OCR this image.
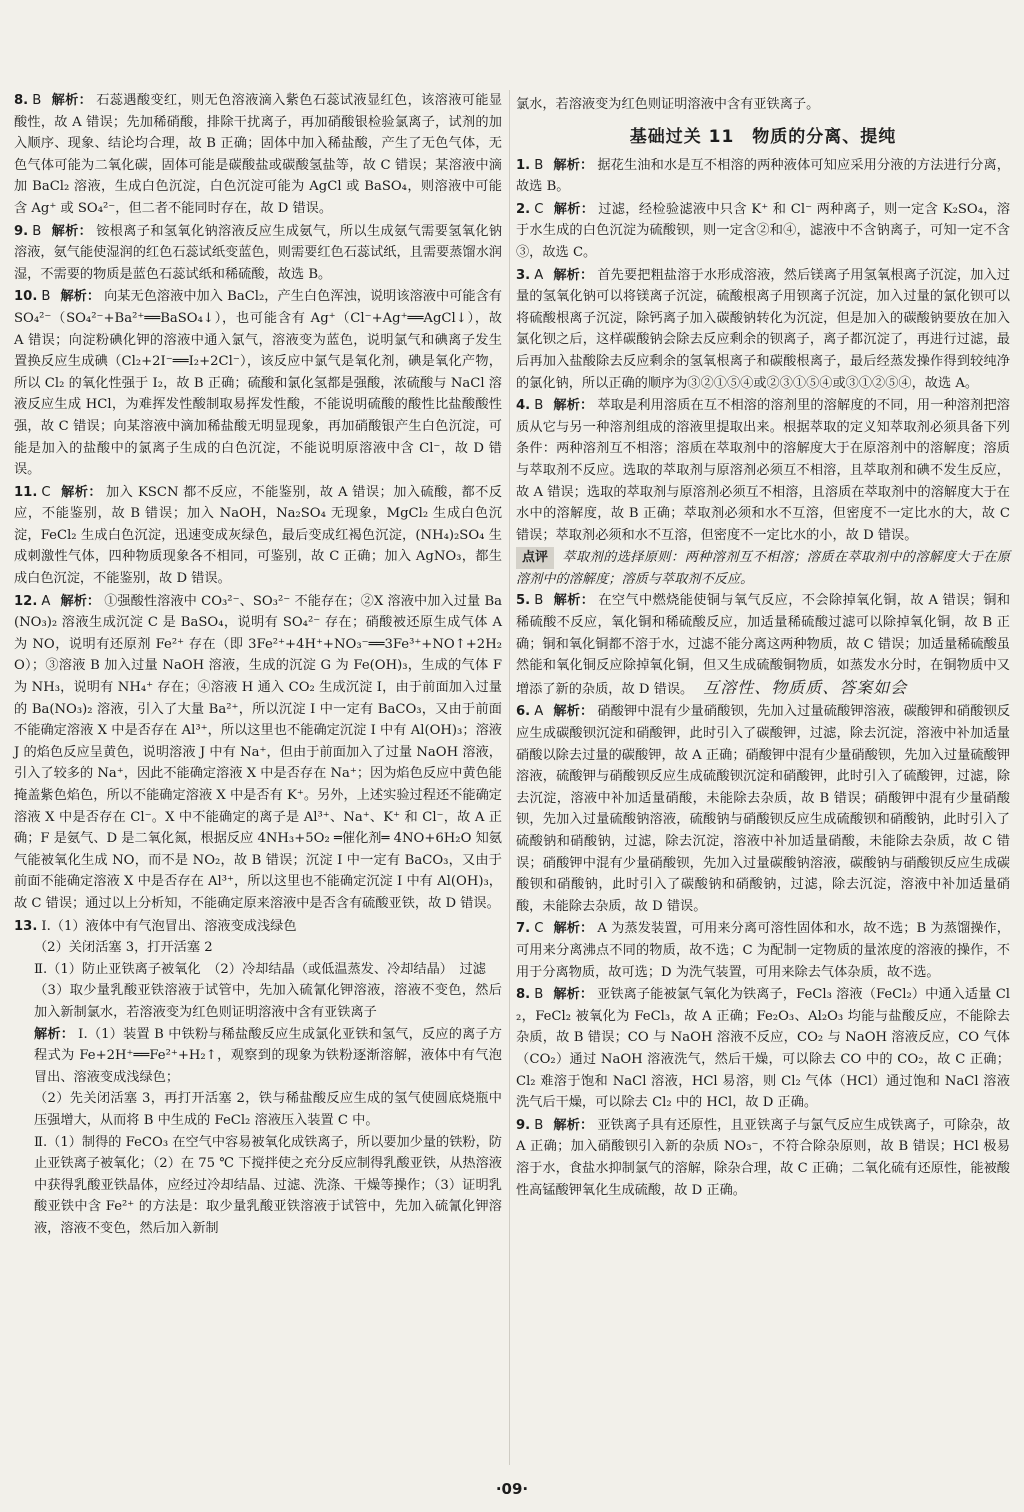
8. B 解析： 石蕊遇酸变红，则无色溶液滴入紫色石蕊试液显红色，该溶液可能显酸性，故 A 错误；先加稀硝酸，排除干扰离子，再加硝酸银检验氯离子，试剂的加入顺序、现象、结论均合理，故 B 正确；固体中加入稀盐酸，产生了无色气体，无色气体可能为二氧化碳，固体可能是碳酸盐或碳酸氢盐等，故 C 错误；某溶液中滴加 BaCl₂ 溶液，生成白色沉淀，白色沉淀可能为 AgCl 或 BaSO₄，则溶液中可能含 Ag⁺ 或 SO₄²⁻，但二者不能同时存在，故 D 错误。

9. B 解析： 铵根离子和氢氧化钠溶液反应生成氨气，所以生成氨气需要氢氧化钠溶液，氨气能使湿润的红色石蕊试纸变蓝色，则需要红色石蕊试纸，且需要蒸馏水润湿，不需要的物质是蓝色石蕊试纸和稀硫酸，故选 B。

10. B 解析： 向某无色溶液中加入 BaCl₂，产生白色浑浊，说明该溶液中可能含有 SO₄²⁻（SO₄²⁻+Ba²⁺══BaSO₄↓），也可能含有 Ag⁺（Cl⁻+Ag⁺══AgCl↓），故 A 错误；向淀粉碘化钾的溶液中通入氯气，溶液变为蓝色，说明氯气和碘离子发生置换反应生成碘（Cl₂+2I⁻══I₂+2Cl⁻），该反应中氯气是氧化剂，碘是氧化产物，所以 Cl₂ 的氧化性强于 I₂，故 B 正确；硫酸和氯化氢都是强酸，浓硫酸与 NaCl 溶液反应生成 HCl，为难挥发性酸制取易挥发性酸，不能说明硫酸的酸性比盐酸酸性强，故 C 错误；向某溶液中滴加稀盐酸无明显现象，再加硝酸银产生白色沉淀，可能是加入的盐酸中的氯离子生成的白色沉淀，不能说明原溶液中含 Cl⁻，故 D 错误。

11. C 解析： 加入 KSCN 都不反应，不能鉴别，故 A 错误；加入硫酸，都不反应，不能鉴别，故 B 错误；加入 NaOH，Na₂SO₄ 无现象，MgCl₂ 生成白色沉淀，FeCl₂ 生成白色沉淀，迅速变成灰绿色，最后变成红褐色沉淀，(NH₄)₂SO₄ 生成刺激性气体，四种物质现象各不相同，可鉴别，故 C 正确；加入 AgNO₃，都生成白色沉淀，不能鉴别，故 D 错误。

12. A 解析： ①强酸性溶液中 CO₃²⁻、SO₃²⁻ 不能存在；②X 溶液中加入过量 Ba(NO₃)₂ 溶液生成沉淀 C 是 BaSO₄，说明有 SO₄²⁻ 存在；硝酸被还原生成气体 A 为 NO，说明有还原剂 Fe²⁺ 存在（即 3Fe²⁺+4H⁺+NO₃⁻══3Fe³⁺+NO↑+2H₂O）；③溶液 B 加入过量 NaOH 溶液，生成的沉淀 G 为 Fe(OH)₃，生成的气体 F 为 NH₃，说明有 NH₄⁺ 存在；④溶液 H 通入 CO₂ 生成沉淀 I，由于前面加入过量的 Ba(NO₃)₂ 溶液，引入了大量 Ba²⁺，所以沉淀 I 中一定有 BaCO₃，又由于前面不能确定溶液 X 中是否存在 Al³⁺，所以这里也不能确定沉淀 I 中有 Al(OH)₃；溶液 J 的焰色反应呈黄色，说明溶液 J 中有 Na⁺，但由于前面加入了过量 NaOH 溶液，引入了较多的 Na⁺，因此不能确定溶液 X 中是否存在 Na⁺；因为焰色反应中黄色能掩盖紫色焰色，所以不能确定溶液 X 中是否有 K⁺。另外，上述实验过程还不能确定溶液 X 中是否存在 Cl⁻。X 中不能确定的离子是 Al³⁺、Na⁺、K⁺ 和 Cl⁻，故 A 正确；F 是氨气、D 是二氧化氮，根据反应 4NH₃+5O₂ ═催化剂═ 4NO+6H₂O 知氨气能被氧化生成 NO，而不是 NO₂，故 B 错误；沉淀 I 中一定有 BaCO₃，又由于前面不能确定溶液 X 中是否存在 Al³⁺，所以这里也不能确定沉淀 I 中有 Al(OH)₃，故 C 错误；通过以上分析知，不能确定原来溶液中是否含有硫酸亚铁，故 D 错误。

13. Ⅰ.（1）液体中有气泡冒出、溶液变成浅绿色

（2）关闭活塞 3，打开活塞 2

Ⅱ.（1）防止亚铁离子被氧化　（2）冷却结晶（或低温蒸发、冷却结晶）　过滤

（3）取少量乳酸亚铁溶液于试管中，先加入硫氰化钾溶液，溶液不变色，然后加入新制氯水，若溶液变为红色则证明溶液中含有亚铁离子

解析： Ⅰ.（1）装置 B 中铁粉与稀盐酸反应生成氯化亚铁和氢气，反应的离子方程式为 Fe+2H⁺══Fe²⁺+H₂↑，观察到的现象为铁粉逐渐溶解，液体中有气泡冒出、溶液变成浅绿色；

（2）先关闭活塞 3，再打开活塞 2，铁与稀盐酸反应生成的氢气使圆底烧瓶中压强增大，从而将 B 中生成的 FeCl₂ 溶液压入装置 C 中。

Ⅱ.（1）制得的 FeCO₃ 在空气中容易被氧化成铁离子，所以要加少量的铁粉，防止亚铁离子被氧化；（2）在 75 ℃ 下搅拌使之充分反应制得乳酸亚铁，从热溶液中获得乳酸亚铁晶体，应经过冷却结晶、过滤、洗涤、干燥等操作；（3）证明乳酸亚铁中含 Fe²⁺ 的方法是：取少量乳酸亚铁溶液于试管中，先加入硫氰化钾溶液，溶液不变色，然后加入新制

氯水，若溶液变为红色则证明溶液中含有亚铁离子。

基础过关 11　物质的分离、提纯

1. B 解析： 据花生油和水是互不相溶的两种液体可知应采用分液的方法进行分离，故选 B。

2. C 解析： 过滤，经检验滤液中只含 K⁺ 和 Cl⁻ 两种离子，则一定含 K₂SO₄，溶于水生成的白色沉淀为硫酸钡，则一定含②和④，滤液中不含钠离子，可知一定不含③，故选 C。

3. A 解析： 首先要把粗盐溶于水形成溶液，然后镁离子用氢氧根离子沉淀，加入过量的氢氧化钠可以将镁离子沉淀，硫酸根离子用钡离子沉淀，加入过量的氯化钡可以将硫酸根离子沉淀，除钙离子加入碳酸钠转化为沉淀，但是加入的碳酸钠要放在加入氯化钡之后，这样碳酸钠会除去反应剩余的钡离子，离子都沉淀了，再进行过滤，最后再加入盐酸除去反应剩余的氢氧根离子和碳酸根离子，最后经蒸发操作得到较纯净的氯化钠，所以正确的顺序为③②①⑤④或②③①⑤④或③①②⑤④，故选 A。

4. B 解析： 萃取是利用溶质在互不相溶的溶剂里的溶解度的不同，用一种溶剂把溶质从它与另一种溶剂组成的溶液里提取出来。根据萃取的定义知萃取剂必须具备下列条件：两种溶剂互不相溶；溶质在萃取剂中的溶解度大于在原溶剂中的溶解度；溶质与萃取剂不反应。选取的萃取剂与原溶剂必须互不相溶，且萃取剂和碘不发生反应，故 A 错误；选取的萃取剂与原溶剂必须互不相溶，且溶质在萃取剂中的溶解度大于在水中的溶解度，故 B 正确；萃取剂必须和水不互溶，但密度不一定比水的大，故 C 错误；萃取剂必须和水不互溶，但密度不一定比水的小，故 D 错误。

点评 萃取剂的选择原则：两种溶剂互不相溶；溶质在萃取剂中的溶解度大于在原溶剂中的溶解度；溶质与萃取剂不反应。

5. B 解析： 在空气中燃烧能使铜与氧气反应，不会除掉氧化铜，故 A 错误；铜和稀硫酸不反应，氧化铜和稀硫酸反应，加适量稀硫酸过滤可以除掉氧化铜，故 B 正确；铜和氧化铜都不溶于水，过滤不能分离这两种物质，故 C 错误；加适量稀硫酸虽然能和氧化铜反应除掉氧化铜，但又生成硫酸铜物质，如蒸发水分时，在铜物质中又增添了新的杂质，故 D 错误。 互溶性、物质质、答案如会

6. A 解析： 硝酸钾中混有少量硝酸钡，先加入过量硫酸钾溶液，碳酸钾和硝酸钡反应生成碳酸钡沉淀和硝酸钾，此时引入了碳酸钾，过滤，除去沉淀，溶液中补加适量硝酸以除去过量的碳酸钾，故 A 正确；硝酸钾中混有少量硝酸钡，先加入过量硫酸钾溶液，硫酸钾与硝酸钡反应生成硫酸钡沉淀和硝酸钾，此时引入了硫酸钾，过滤，除去沉淀，溶液中补加适量硝酸，未能除去杂质，故 B 错误；硝酸钾中混有少量硝酸钡，先加入过量硫酸钠溶液，硫酸钠与硝酸钡反应生成硫酸钡和硝酸钠，此时引入了硫酸钠和硝酸钠，过滤，除去沉淀，溶液中补加适量硝酸，未能除去杂质，故 C 错误；硝酸钾中混有少量硝酸钡，先加入过量碳酸钠溶液，碳酸钠与硝酸钡反应生成碳酸钡和硝酸钠，此时引入了碳酸钠和硝酸钠，过滤，除去沉淀，溶液中补加适量硝酸，未能除去杂质，故 D 错误。

7. C 解析： A 为蒸发装置，可用来分离可溶性固体和水，故不选；B 为蒸馏操作，可用来分离沸点不同的物质，故不选；C 为配制一定物质的量浓度的溶液的操作，不用于分离物质，故可选；D 为洗气装置，可用来除去气体杂质，故不选。

8. B 解析： 亚铁离子能被氯气氧化为铁离子，FeCl₃ 溶液（FeCl₂）中通入适量 Cl₂，FeCl₂ 被氧化为 FeCl₃，故 A 正确；Fe₂O₃、Al₂O₃ 均能与盐酸反应，不能除去杂质，故 B 错误；CO 与 NaOH 溶液不反应，CO₂ 与 NaOH 溶液反应，CO 气体（CO₂）通过 NaOH 溶液洗气，然后干燥，可以除去 CO 中的 CO₂，故 C 正确；Cl₂ 难溶于饱和 NaCl 溶液，HCl 易溶，则 Cl₂ 气体（HCl）通过饱和 NaCl 溶液洗气后干燥，可以除去 Cl₂ 中的 HCl，故 D 正确。

9. B 解析： 亚铁离子具有还原性，且亚铁离子与氯气反应生成铁离子，可除杂，故 A 正确；加入硝酸钡引入新的杂质 NO₃⁻，不符合除杂原则，故 B 错误；HCl 极易溶于水，食盐水抑制氯气的溶解，除杂合理，故 C 正确；二氧化硫有还原性，能被酸性高锰酸钾氧化生成硫酸，故 D 正确。

·09·
